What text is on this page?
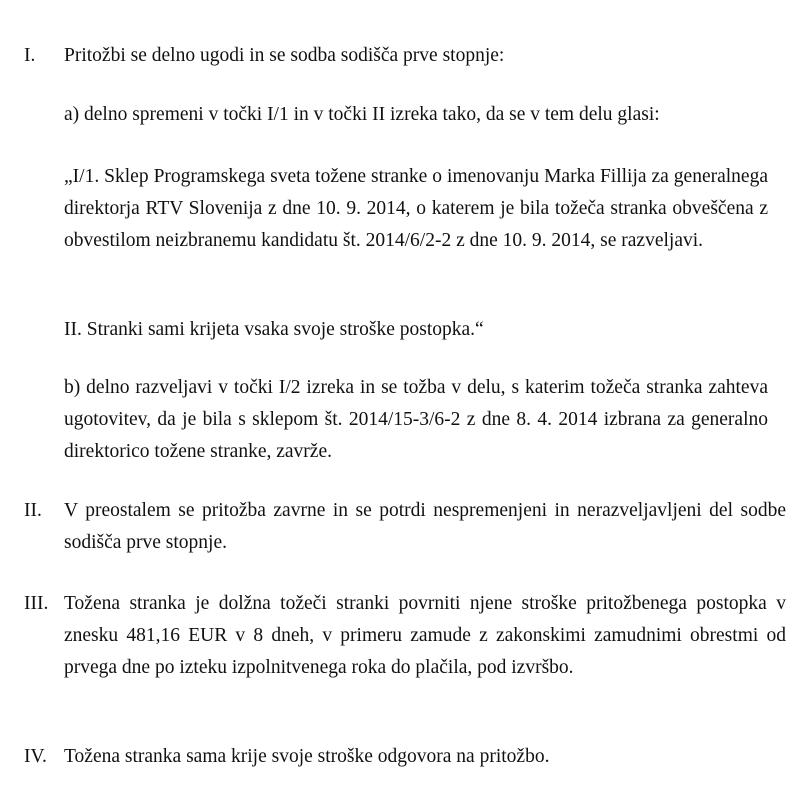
I. Pritožbi se delno ugodi in se sodba sodišča prve stopnje:

a) delno spremeni v točki I/1 in v točki II izreka tako, da se v tem delu glasi:

„I/1. Sklep Programskega sveta tožene stranke o imenovanju Marka Fillija za generalnega direktorja RTV Slovenija z dne 10. 9. 2014, o katerem je bila tožeča stranka obveščena z obvestilom neizbranemu kandidatu št. 2014/6/2-2 z dne 10. 9. 2014, se razveljavi.

II. Stranki sami krijeta vsaka svoje stroške postopka.“

b) delno razveljavi v točki I/2 izreka in se tožba v delu, s katerim tožeča stranka zahteva ugotovitev, da je bila s sklepom št. 2014/15-3/6-2 z dne 8. 4. 2014 izbrana za generalno direktorico tožene stranke, zavrže.

II. V preostalem se pritožba zavrne in se potrdi nespremenjeni in nerazveljavljeni del sodbe sodišča prve stopnje.

III. Tožena stranka je dolžna tožeči stranki povrniti njene stroške pritožbenega postopka v znesku 481,16 EUR v 8 dneh, v primeru zamude z zakonskimi zamudnimi obrestmi od prvega dne po izteku izpolnitvenega roka do plačila, pod izvršbo.

IV. Tožena stranka sama krije svoje stroške odgovora na pritožbo.
